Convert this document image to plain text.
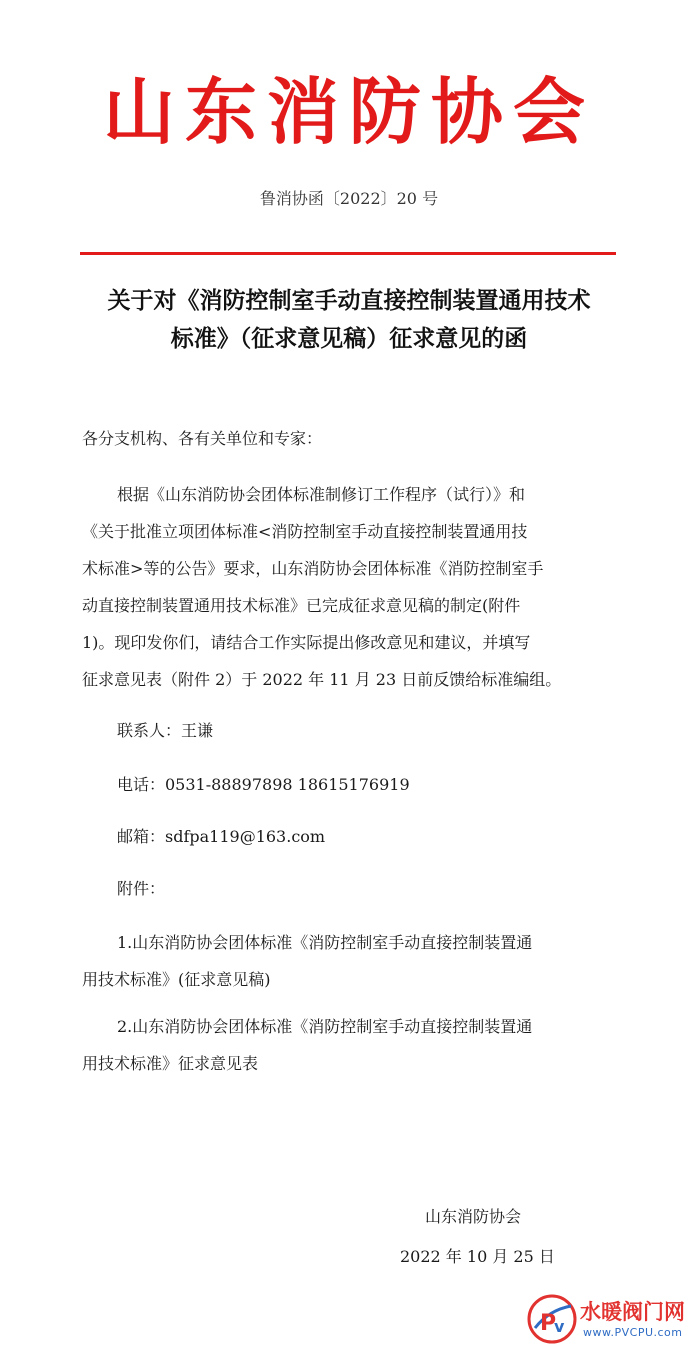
山东消防协会
鲁消协函〔2022〕20 号
关于对《消防控制室手动直接控制装置通用技术
标准》（征求意见稿）征求意见的函
各分支机构、各有关单位和专家：
根据《山东消防协会团体标准制修订工作程序（试行）》和
《关于批准立项团体标准<消防控制室手动直接控制装置通用技
术标准>等的公告》要求，山东消防协会团体标准《消防控制室手
动直接控制装置通用技术标准》已完成征求意见稿的制定(附件
1)。现印发你们，请结合工作实际提出修改意见和建议，并填写
征求意见表（附件 2）于 2022 年 11 月 23 日前反馈给标准编组。
联系人：王谦
电话：0531-88897898 18615176919
邮箱：sdfpa119@163.com
附件：
1.山东消防协会团体标准《消防控制室手动直接控制装置通
用技术标准》(征求意见稿)
2.山东消防协会团体标准《消防控制室手动直接控制装置通
用技术标准》征求意见表
山东消防协会
2022 年 10 月 25 日
P
v
水暖阀门网
www.PVCPU.com
